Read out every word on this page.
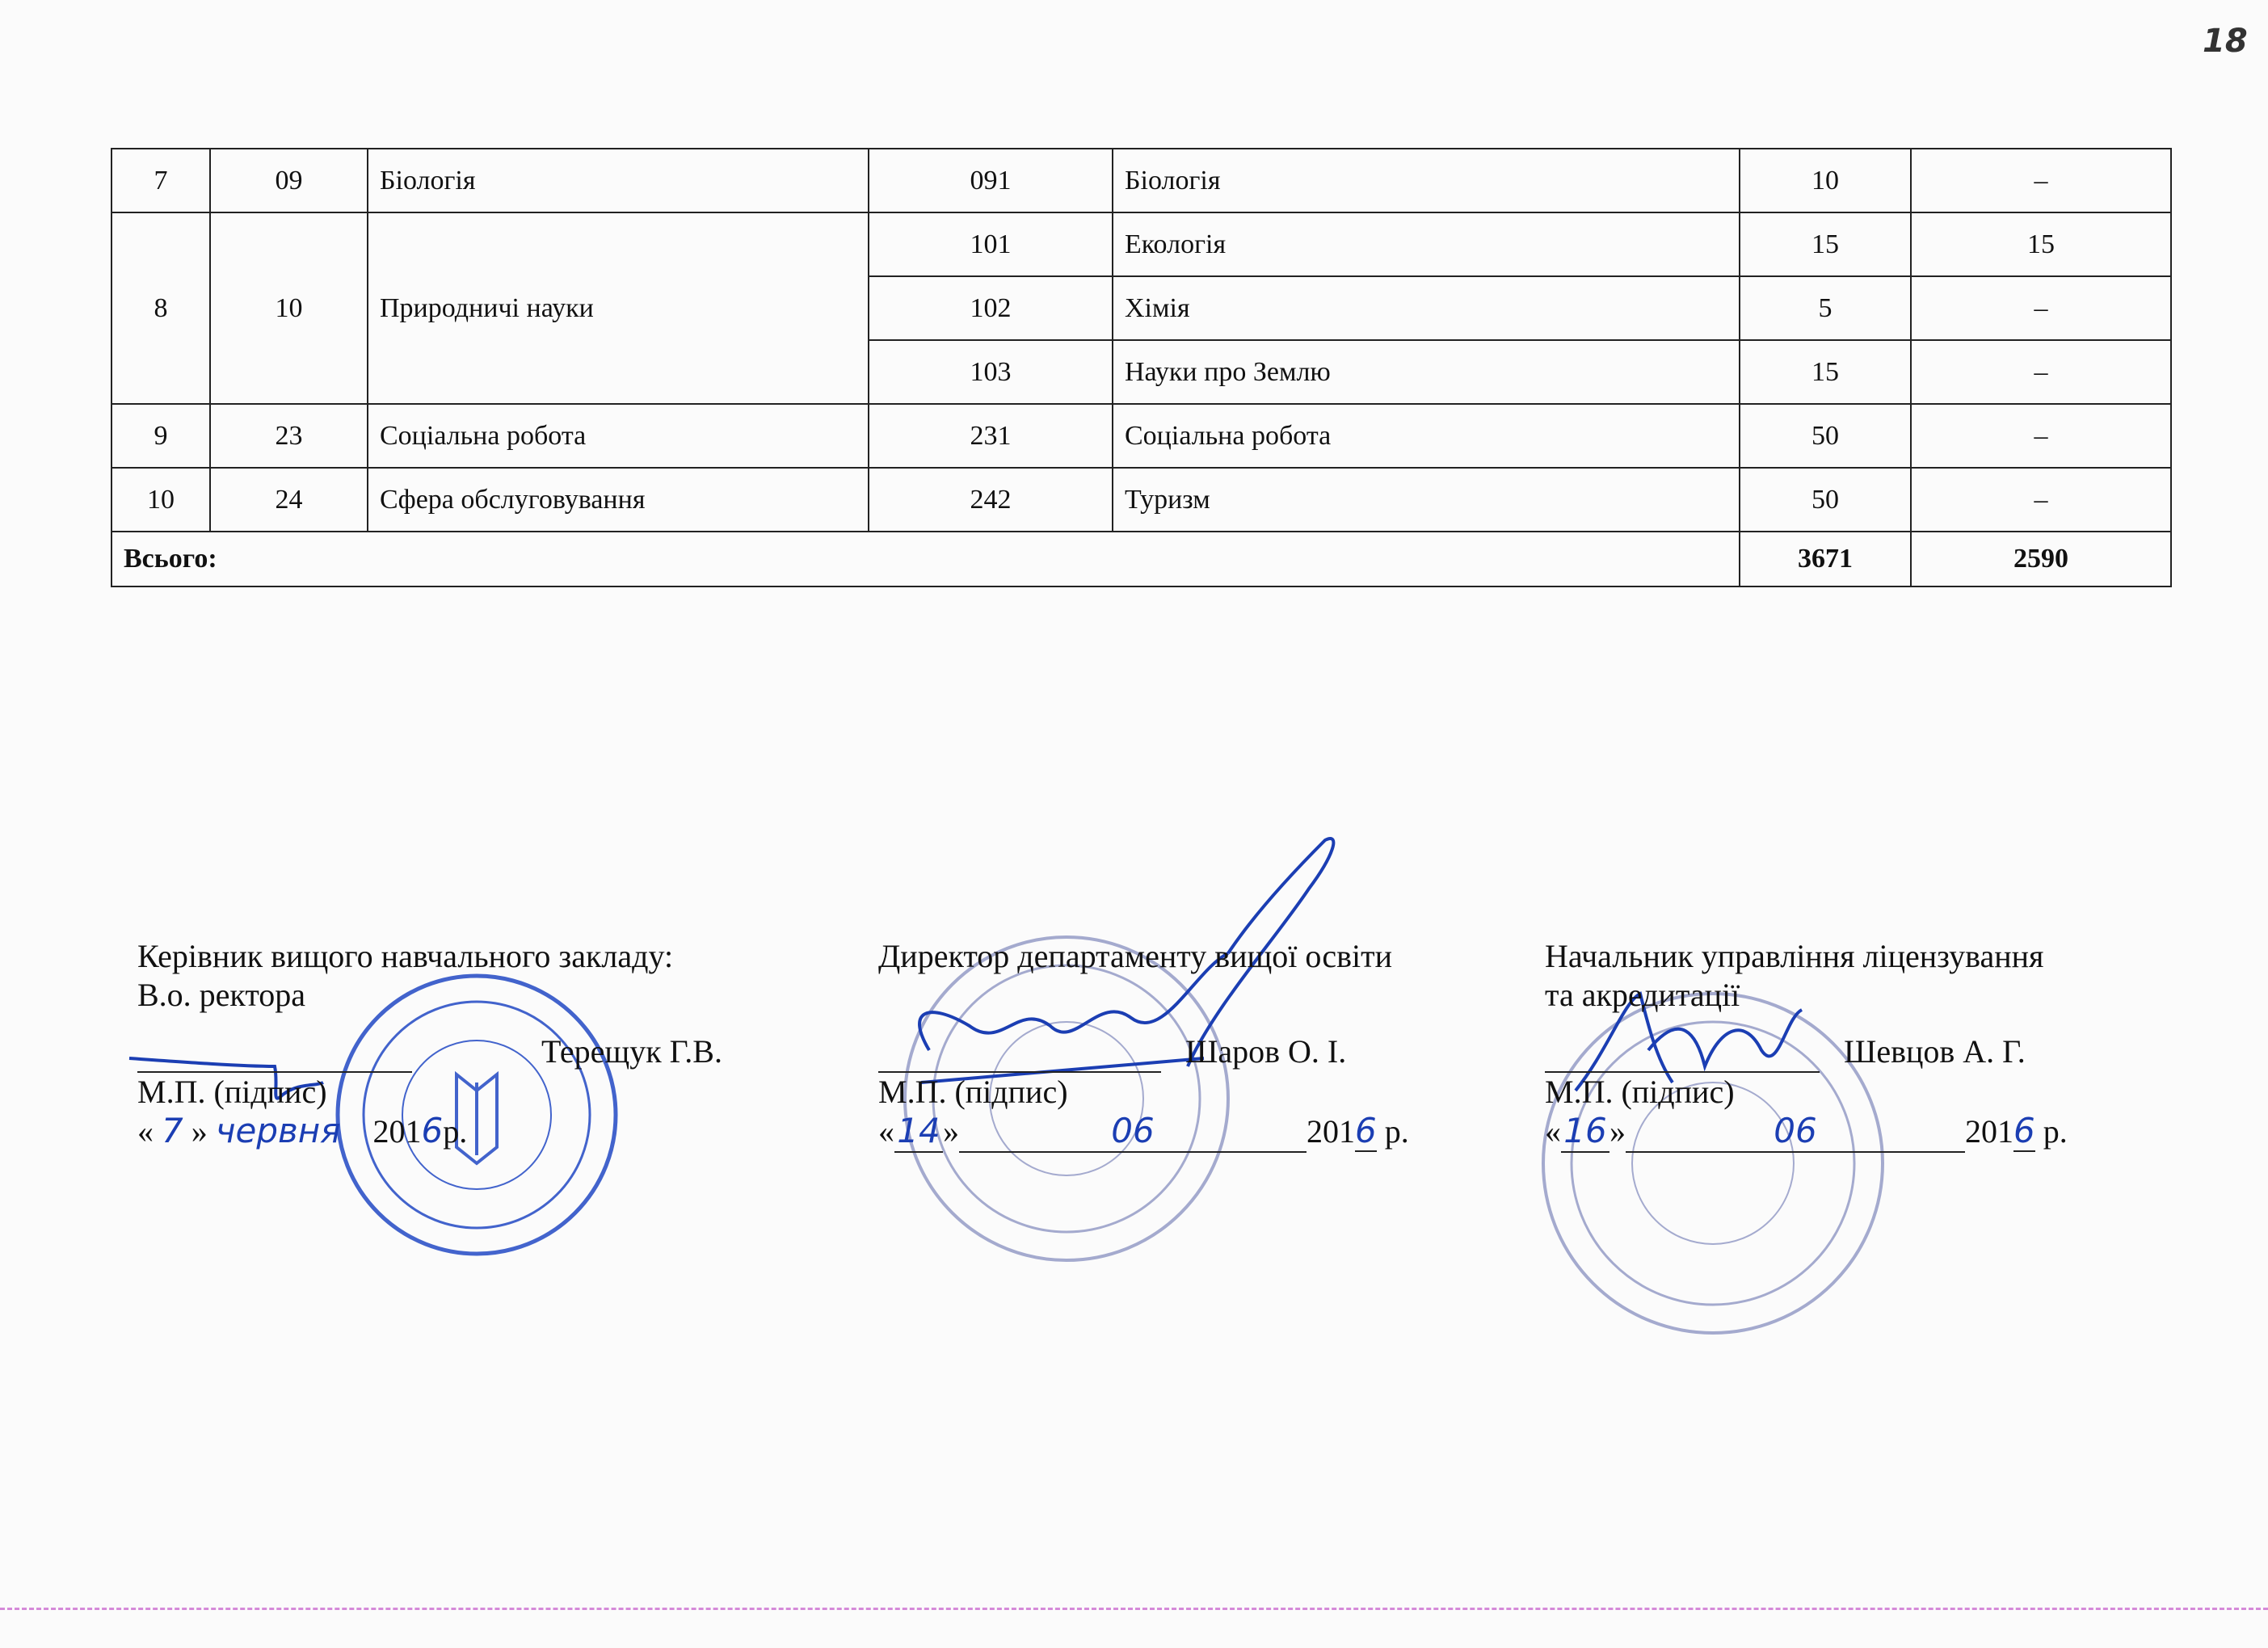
18
7	09	Біологія	091	Біологія	10	–
8	10	Природничі науки	101	Екологія	15	15
			102	Хімія	5	–
			103	Науки про Землю	15	–
9	23	Соціальна робота	231	Соціальна робота	50	–
10	24	Сфера обслуговування	242	Туризм	50	–
Всього:					3671	2590
Керівник вищого навчального закладу:
В.о. ректора
Терещук Г.В.
М.П. (підпис)
« 7 » червня 2016р.
Директор департаменту вищої освіти
Шаров О. І.
М.П. (підпис)
«14»	06	2016 р.
Начальник управління ліцензування
та акредитації
Шевцов А. Г.
М.П. (підпис)
«16»	06	2016 р.
